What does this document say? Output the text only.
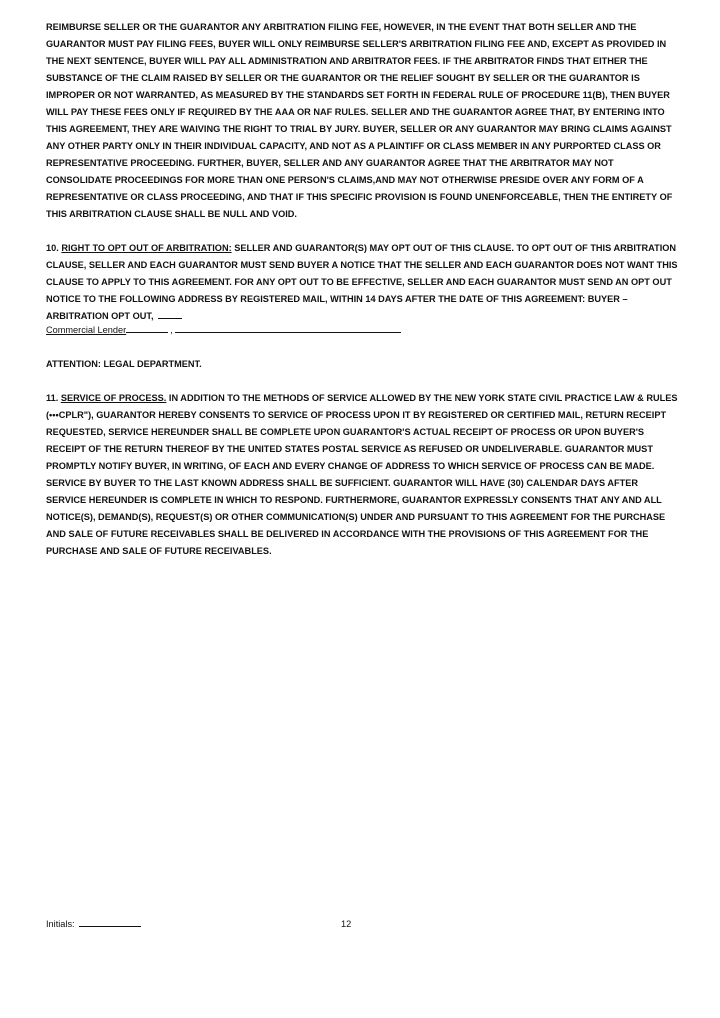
REIMBURSE SELLER OR THE GUARANTOR ANY ARBITRATION FILING FEE, HOWEVER, IN THE EVENT THAT BOTH SELLER AND THE GUARANTOR MUST PAY FILING FEES, BUYER WILL ONLY REIMBURSE SELLER'S ARBITRATION FILING FEE AND, EXCEPT AS PROVIDED IN THE NEXT SENTENCE, BUYER WILL PAY ALL ADMINISTRATION AND ARBITRATOR FEES. IF THE ARBITRATOR FINDS THAT EITHER THE SUBSTANCE OF THE CLAIM RAISED BY SELLER OR THE GUARANTOR OR THE RELIEF SOUGHT BY SELLER OR THE GUARANTOR IS IMPROPER OR NOT WARRANTED, AS MEASURED BY THE STANDARDS SET FORTH IN FEDERAL RULE OF PROCEDURE 11(B), THEN BUYER WILL PAY THESE FEES ONLY IF REQUIRED BY THE AAA OR NAF RULES. SELLER AND THE GUARANTOR AGREE THAT, BY ENTERING INTO THIS AGREEMENT, THEY ARE WAIVING THE RIGHT TO TRIAL BY JURY. BUYER, SELLER OR ANY GUARANTOR MAY BRING CLAIMS AGAINST ANY OTHER PARTY ONLY IN THEIR INDIVIDUAL CAPACITY, AND NOT AS A PLAINTIFF OR CLASS MEMBER IN ANY PURPORTED CLASS OR REPRESENTATIVE PROCEEDING. FURTHER, BUYER, SELLER AND ANY GUARANTOR AGREE THAT THE ARBITRATOR MAY NOT CONSOLIDATE PROCEEDINGS FOR MORE THAN ONE PERSON'S CLAIMS,AND MAY NOT OTHERWISE PRESIDE OVER ANY FORM OF A REPRESENTATIVE OR CLASS PROCEEDING, AND THAT IF THIS SPECIFIC PROVISION IS FOUND UNENFORCEABLE, THEN THE ENTIRETY OF THIS ARBITRATION CLAUSE SHALL BE NULL AND VOID.

10. RIGHT TO OPT OUT OF ARBITRATION: SELLER AND GUARANTOR(S) MAY OPT OUT OF THIS CLAUSE. TO OPT OUT OF THIS ARBITRATION CLAUSE, SELLER AND EACH GUARANTOR MUST SEND BUYER A NOTICE THAT THE SELLER AND EACH GUARANTOR DOES NOT WANT THIS CLAUSE TO APPLY TO THIS AGREEMENT. FOR ANY OPT OUT TO BE EFFECTIVE, SELLER AND EACH GUARANTOR MUST SEND AN OPT OUT NOTICE TO THE FOLLOWING ADDRESS BY REGISTERED MAIL, WITHIN 14 DAYS AFTER THE DATE OF THIS AGREEMENT: BUYER – ARBITRATION OPT OUT,

Commercial Lender	,

ATTENTION: LEGAL DEPARTMENT.

11. SERVICE OF PROCESS. IN ADDITION TO THE METHODS OF SERVICE ALLOWED BY THE NEW YORK STATE CIVIL PRACTICE LAW & RULES (•••CPLR"), GUARANTOR HEREBY CONSENTS TO SERVICE OF PROCESS UPON IT BY REGISTERED OR CERTIFIED MAIL, RETURN RECEIPT REQUESTED, SERVICE HEREUNDER SHALL BE COMPLETE UPON GUARANTOR'S ACTUAL RECEIPT OF PROCESS OR UPON BUYER'S RECEIPT OF THE RETURN THEREOF BY THE UNITED STATES POSTAL SERVICE AS REFUSED OR UNDELIVERABLE. GUARANTOR MUST PROMPTLY NOTIFY BUYER, IN WRITING, OF EACH AND EVERY CHANGE OF ADDRESS TO WHICH SERVICE OF PROCESS CAN BE MADE. SERVICE BY BUYER TO THE LAST KNOWN ADDRESS SHALL BE SUFFICIENT. GUARANTOR WILL HAVE (30) CALENDAR DAYS AFTER SERVICE HEREUNDER IS COMPLETE IN WHICH TO RESPOND. FURTHERMORE, GUARANTOR EXPRESSLY CONSENTS THAT ANY AND ALL NOTICE(S), DEMAND(S), REQUEST(S) OR OTHER COMMUNICATION(S) UNDER AND PURSUANT TO THIS AGREEMENT FOR THE PURCHASE AND SALE OF FUTURE RECEIVABLES SHALL BE DELIVERED IN ACCORDANCE WITH THE PROVISIONS OF THIS AGREEMENT FOR THE PURCHASE AND SALE OF FUTURE RECEIVABLES.

Initials:	12
